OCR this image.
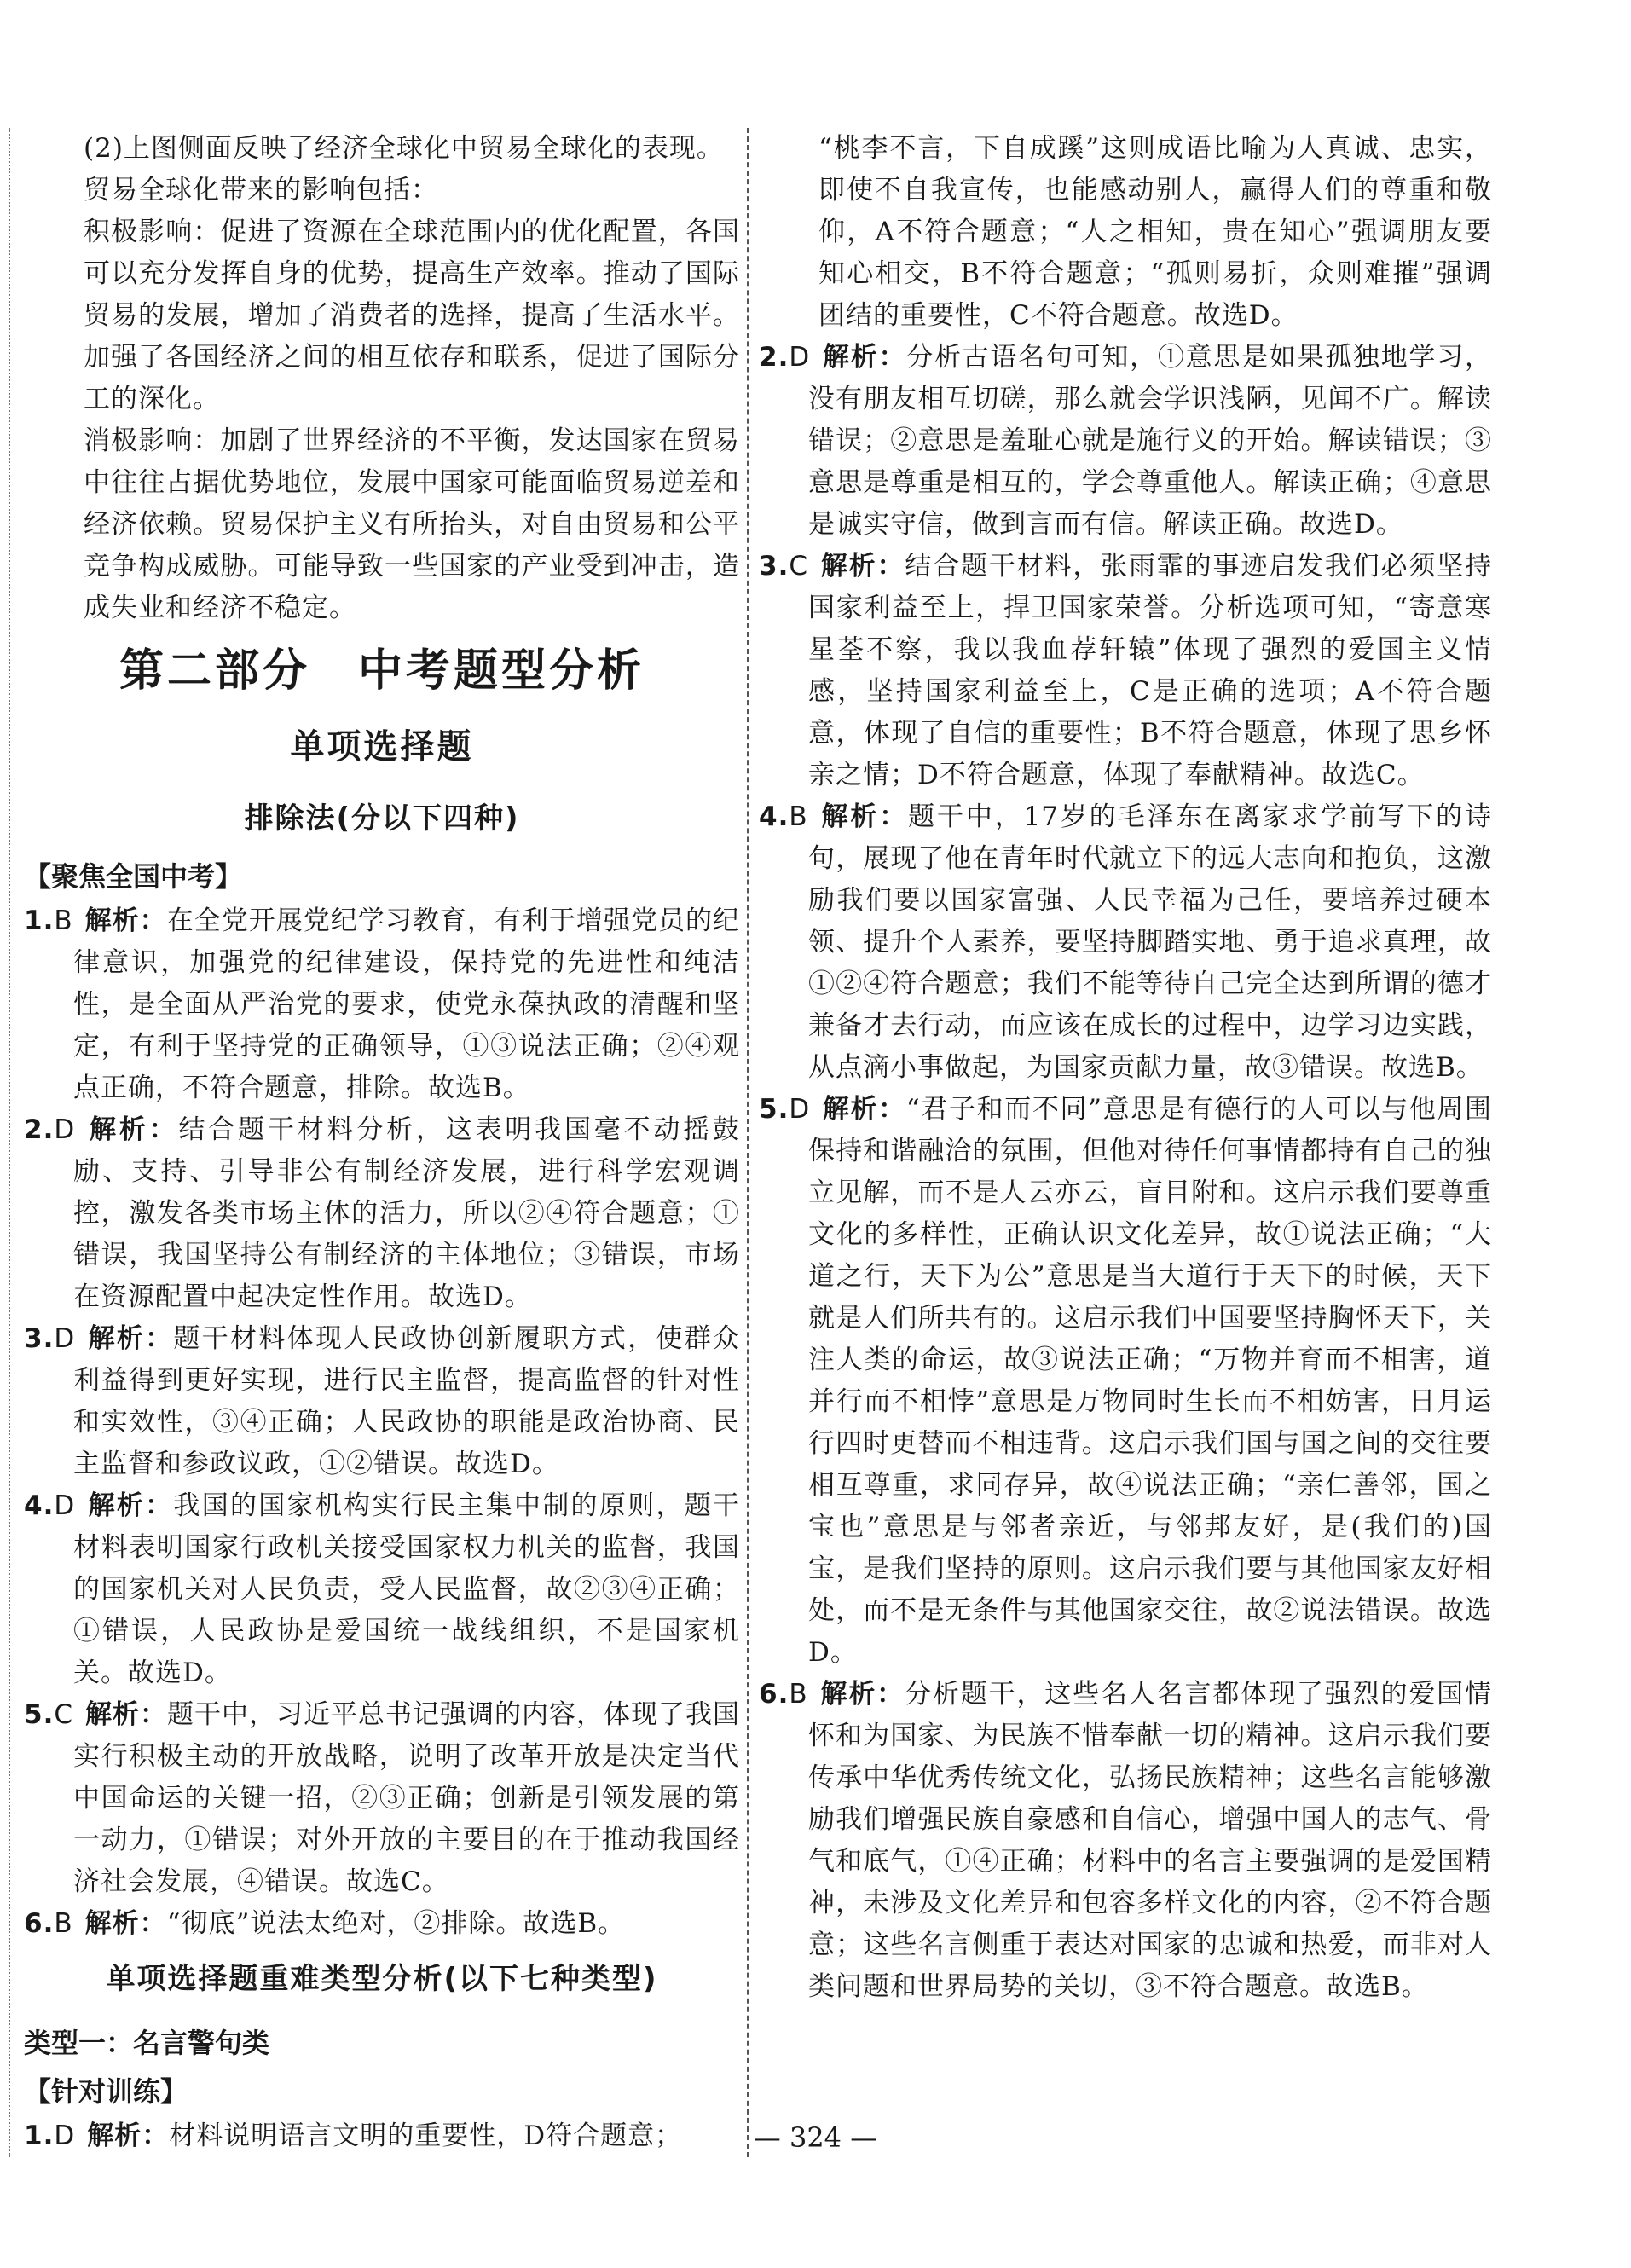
(2)上图侧面反映了经济全球化中贸易全球化的表现。

贸易全球化带来的影响包括：

积极影响：促进了资源在全球范围内的优化配置，各国可以充分发挥自身的优势，提高生产效率。推动了国际贸易的发展，增加了消费者的选择，提高了生活水平。加强了各国经济之间的相互依存和联系，促进了国际分工的深化。

消极影响：加剧了世界经济的不平衡，发达国家在贸易中往往占据优势地位，发展中国家可能面临贸易逆差和经济依赖。贸易保护主义有所抬头，对自由贸易和公平竞争构成威胁。可能导致一些国家的产业受到冲击，造成失业和经济不稳定。

第二部分　中考题型分析
单项选择题
排除法(分以下四种)
【聚焦全国中考】

1.B 解析：在全党开展党纪学习教育，有利于增强党员的纪律意识，加强党的纪律建设，保持党的先进性和纯洁性，是全面从严治党的要求，使党永葆执政的清醒和坚定，有利于坚持党的正确领导，①③说法正确；②④观点正确，不符合题意，排除。故选B。

2.D 解析：结合题干材料分析，这表明我国毫不动摇鼓励、支持、引导非公有制经济发展，进行科学宏观调控，激发各类市场主体的活力，所以②④符合题意；①错误，我国坚持公有制经济的主体地位；③错误，市场在资源配置中起决定性作用。故选D。

3.D 解析：题干材料体现人民政协创新履职方式，使群众利益得到更好实现，进行民主监督，提高监督的针对性和实效性，③④正确；人民政协的职能是政治协商、民主监督和参政议政，①②错误。故选D。

4.D 解析：我国的国家机构实行民主集中制的原则，题干材料表明国家行政机关接受国家权力机关的监督，我国的国家机关对人民负责，受人民监督，故②③④正确；①错误，人民政协是爱国统一战线组织，不是国家机关。故选D。

5.C 解析：题干中，习近平总书记强调的内容，体现了我国实行积极主动的开放战略，说明了改革开放是决定当代中国命运的关键一招，②③正确；创新是引领发展的第一动力，①错误；对外开放的主要目的在于推动我国经济社会发展，④错误。故选C。

6.B 解析：“彻底”说法太绝对，②排除。故选B。

单项选择题重难类型分析(以下七种类型)
类型一：名言警句类
【针对训练】

1.D 解析：材料说明语言文明的重要性，D符合题意；

“桃李不言，下自成蹊”这则成语比喻为人真诚、忠实，即使不自我宣传，也能感动别人，赢得人们的尊重和敬仰，A不符合题意；“人之相知，贵在知心”强调朋友要知心相交，B不符合题意；“孤则易折，众则难摧”强调团结的重要性，C不符合题意。故选D。

2.D 解析：分析古语名句可知，①意思是如果孤独地学习，没有朋友相互切磋，那么就会学识浅陋，见闻不广。解读错误；②意思是羞耻心就是施行义的开始。解读错误；③意思是尊重是相互的，学会尊重他人。解读正确；④意思是诚实守信，做到言而有信。解读正确。故选D。

3.C 解析：结合题干材料，张雨霏的事迹启发我们必须坚持国家利益至上，捍卫国家荣誉。分析选项可知，“寄意寒星荃不察，我以我血荐轩辕”体现了强烈的爱国主义情感，坚持国家利益至上，C是正确的选项；A不符合题意，体现了自信的重要性；B不符合题意，体现了思乡怀亲之情；D不符合题意，体现了奉献精神。故选C。

4.B 解析：题干中，17岁的毛泽东在离家求学前写下的诗句，展现了他在青年时代就立下的远大志向和抱负，这激励我们要以国家富强、人民幸福为己任，要培养过硬本领、提升个人素养，要坚持脚踏实地、勇于追求真理，故①②④符合题意；我们不能等待自己完全达到所谓的德才兼备才去行动，而应该在成长的过程中，边学习边实践，从点滴小事做起，为国家贡献力量，故③错误。故选B。

5.D 解析：“君子和而不同”意思是有德行的人可以与他周围保持和谐融洽的氛围，但他对待任何事情都持有自己的独立见解，而不是人云亦云，盲目附和。这启示我们要尊重文化的多样性，正确认识文化差异，故①说法正确；“大道之行，天下为公”意思是当大道行于天下的时候，天下就是人们所共有的。这启示我们中国要坚持胸怀天下，关注人类的命运，故③说法正确；“万物并育而不相害，道并行而不相悖”意思是万物同时生长而不相妨害，日月运行四时更替而不相违背。这启示我们国与国之间的交往要相互尊重，求同存异，故④说法正确；“亲仁善邻，国之宝也”意思是与邻者亲近，与邻邦友好，是(我们的)国宝，是我们坚持的原则。这启示我们要与其他国家友好相处，而不是无条件与其他国家交往，故②说法错误。故选D。

6.B 解析：分析题干，这些名人名言都体现了强烈的爱国情怀和为国家、为民族不惜奉献一切的精神。这启示我们要传承中华优秀传统文化，弘扬民族精神；这些名言能够激励我们增强民族自豪感和自信心，增强中国人的志气、骨气和底气，①④正确；材料中的名言主要强调的是爱国精神，未涉及文化差异和包容多样文化的内容，②不符合题意；这些名言侧重于表达对国家的忠诚和热爱，而非对人类问题和世界局势的关切，③不符合题意。故选B。

— 324 —
